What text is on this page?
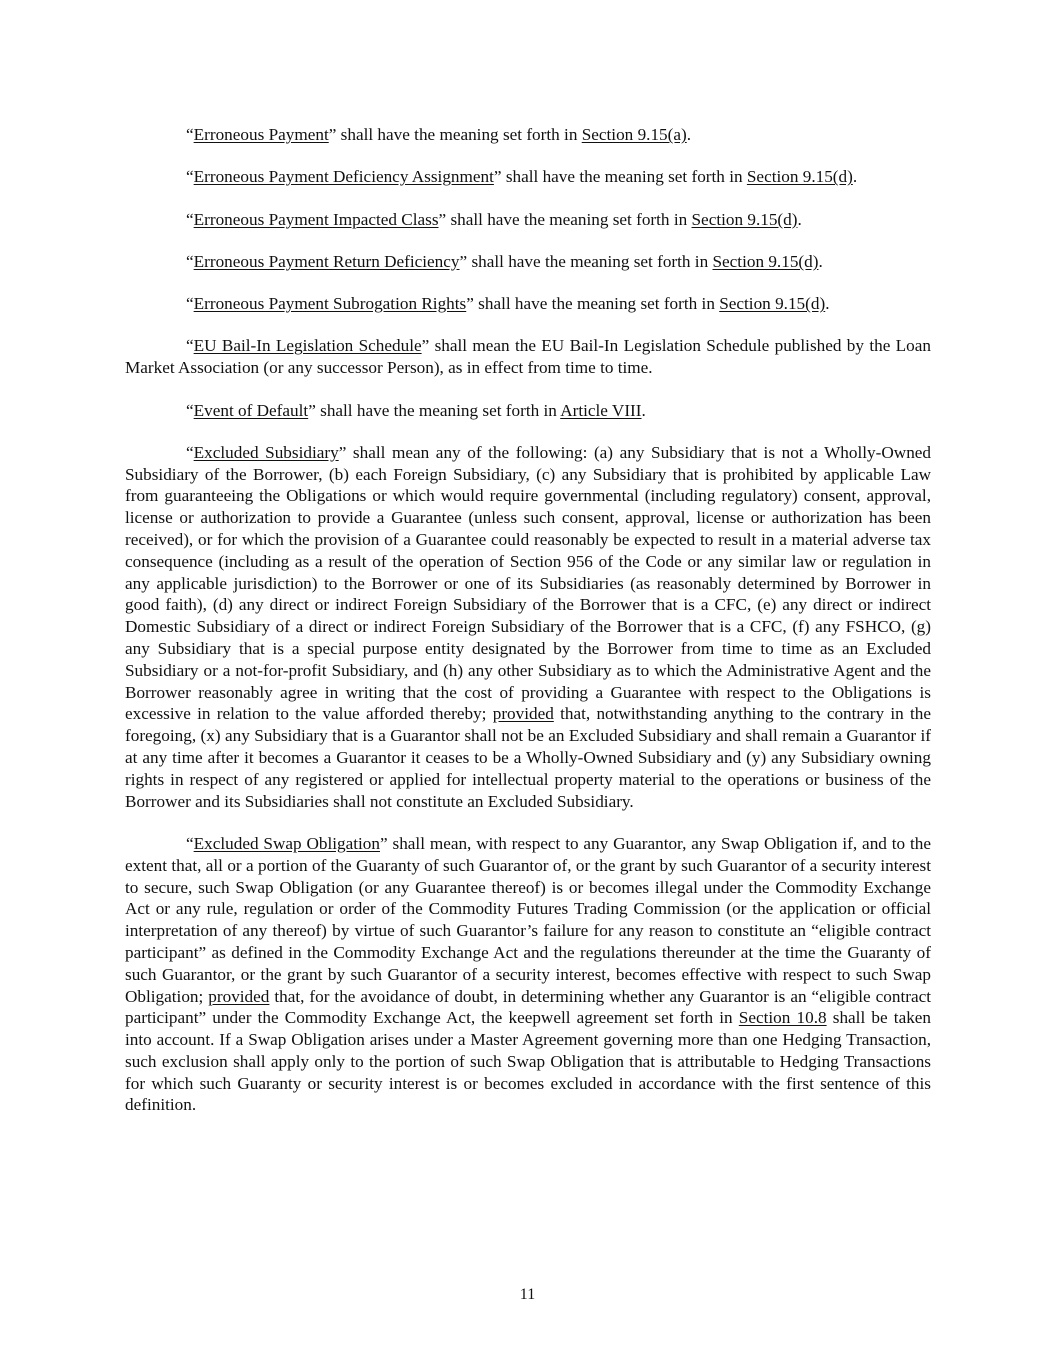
“Erroneous Payment” shall have the meaning set forth in Section 9.15(a).

“Erroneous Payment Deficiency Assignment” shall have the meaning set forth in Section 9.15(d).

“Erroneous Payment Impacted Class” shall have the meaning set forth in Section 9.15(d).

“Erroneous Payment Return Deficiency” shall have the meaning set forth in Section 9.15(d).

“Erroneous Payment Subrogation Rights” shall have the meaning set forth in Section 9.15(d).

“EU Bail-In Legislation Schedule” shall mean the EU Bail-In Legislation Schedule published by the Loan Market Association (or any successor Person), as in effect from time to time.

“Event of Default” shall have the meaning set forth in Article VIII.

“Excluded Subsidiary” shall mean any of the following: (a) any Subsidiary that is not a Wholly-Owned Subsidiary of the Borrower, (b) each Foreign Subsidiary, (c) any Subsidiary that is prohibited by applicable Law from guaranteeing the Obligations or which would require governmental (including regulatory) consent, approval, license or authorization to provide a Guarantee (unless such consent, approval, license or authorization has been received), or for which the provision of a Guarantee could reasonably be expected to result in a material adverse tax consequence (including as a result of the operation of Section 956 of the Code or any similar law or regulation in any applicable jurisdiction) to the Borrower or one of its Subsidiaries (as reasonably determined by Borrower in good faith), (d) any direct or indirect Foreign Subsidiary of the Borrower that is a CFC, (e) any direct or indirect Domestic Subsidiary of a direct or indirect Foreign Subsidiary of the Borrower that is a CFC, (f) any FSHCO, (g) any Subsidiary that is a special purpose entity designated by the Borrower from time to time as an Excluded Subsidiary or a not-for-profit Subsidiary, and (h) any other Subsidiary as to which the Administrative Agent and the Borrower reasonably agree in writing that the cost of providing a Guarantee with respect to the Obligations is excessive in relation to the value afforded thereby; provided that, notwithstanding anything to the contrary in the foregoing, (x) any Subsidiary that is a Guarantor shall not be an Excluded Subsidiary and shall remain a Guarantor if at any time after it becomes a Guarantor it ceases to be a Wholly-Owned Subsidiary and (y) any Subsidiary owning rights in respect of any registered or applied for intellectual property material to the operations or business of the Borrower and its Subsidiaries shall not constitute an Excluded Subsidiary.

“Excluded Swap Obligation” shall mean, with respect to any Guarantor, any Swap Obligation if, and to the extent that, all or a portion of the Guaranty of such Guarantor of, or the grant by such Guarantor of a security interest to secure, such Swap Obligation (or any Guarantee thereof) is or becomes illegal under the Commodity Exchange Act or any rule, regulation or order of the Commodity Futures Trading Commission (or the application or official interpretation of any thereof) by virtue of such Guarantor’s failure for any reason to constitute an “eligible contract participant” as defined in the Commodity Exchange Act and the regulations thereunder at the time the Guaranty of such Guarantor, or the grant by such Guarantor of a security interest, becomes effective with respect to such Swap Obligation; provided that, for the avoidance of doubt, in determining whether any Guarantor is an “eligible contract participant” under the Commodity Exchange Act, the keepwell agreement set forth in Section 10.8 shall be taken into account. If a Swap Obligation arises under a Master Agreement governing more than one Hedging Transaction, such exclusion shall apply only to the portion of such Swap Obligation that is attributable to Hedging Transactions for which such Guaranty or security interest is or becomes excluded in accordance with the first sentence of this definition.

11
